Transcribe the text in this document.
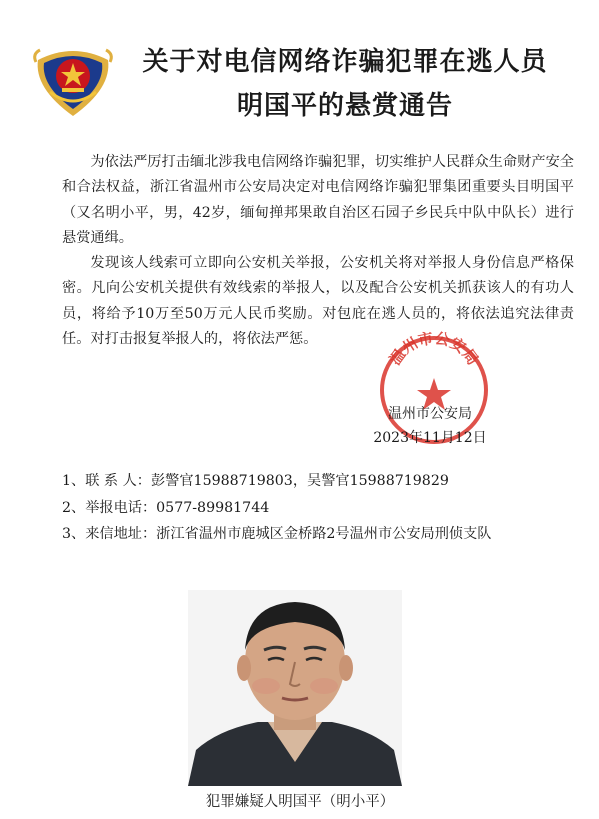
关于对电信网络诈骗犯罪在逃人员
明国平的悬赏通告

为依法严厉打击缅北涉我电信网络诈骗犯罪，切实维护人民群众生命财产安全和合法权益，浙江省温州市公安局决定对电信网络诈骗犯罪集团重要头目明国平（又名明小平，男，42岁，缅甸掸邦果敢自治区石园子乡民兵中队中队长）进行悬赏通缉。

发现该人线索可立即向公安机关举报，公安机关将对举报人身份信息严格保密。凡向公安机关提供有效线索的举报人，以及配合公安机关抓获该人的有功人员，将给予10万至50万元人民币奖励。对包庇在逃人员的，将依法追究法律责任。对打击报复举报人的，将依法严惩。

温州市公安局
温州市公安局
2023年11月12日
1、联 系 人：彭警官15988719803，吴警官15988719829
2、举报电话：0577-89981744
3、来信地址：浙江省温州市鹿城区金桥路2号温州市公安局刑侦支队
犯罪嫌疑人明国平（明小平）
